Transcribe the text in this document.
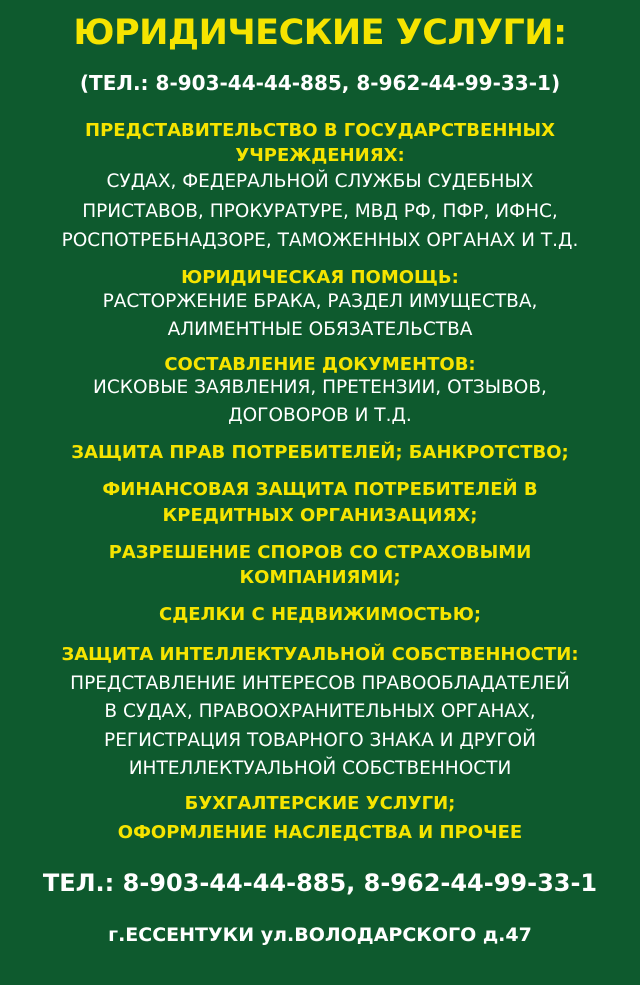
ЮРИДИЧЕСКИЕ УСЛУГИ:
(ТЕЛ.: 8-903-44-44-885, 8-962-44-99-33-1)
ПРЕДСТАВИТЕЛЬСТВО В ГОСУДАРСТВЕННЫХ
УЧРЕЖДЕНИЯХ:
СУДАХ, ФЕДЕРАЛЬНОЙ СЛУЖБЫ СУДЕБНЫХ
ПРИСТАВОВ, ПРОКУРАТУРЕ, МВД РФ, ПФР, ИФНС,
РОСПОТРЕБНАДЗОРЕ, ТАМОЖЕННЫХ ОРГАНАХ И Т.Д.
ЮРИДИЧЕСКАЯ ПОМОЩЬ:
РАСТОРЖЕНИЕ БРАКА, РАЗДЕЛ ИМУЩЕСТВА,
АЛИМЕНТНЫЕ ОБЯЗАТЕЛЬСТВА
СОСТАВЛЕНИЕ ДОКУМЕНТОВ:
ИСКОВЫЕ ЗАЯВЛЕНИЯ, ПРЕТЕНЗИИ, ОТЗЫВОВ,
ДОГОВОРОВ И Т.Д.
ЗАЩИТА ПРАВ ПОТРЕБИТЕЛЕЙ; БАНКРОТСТВО;
ФИНАНСОВАЯ ЗАЩИТА ПОТРЕБИТЕЛЕЙ В
КРЕДИТНЫХ ОРГАНИЗАЦИЯХ;
РАЗРЕШЕНИЕ СПОРОВ СО СТРАХОВЫМИ
КОМПАНИЯМИ;
СДЕЛКИ С НЕДВИЖИМОСТЬЮ;
ЗАЩИТА ИНТЕЛЛЕКТУАЛЬНОЙ СОБСТВЕННОСТИ:
ПРЕДСТАВЛЕНИЕ ИНТЕРЕСОВ ПРАВООБЛАДАТЕЛЕЙ
В СУДАХ, ПРАВООХРАНИТЕЛЬНЫХ ОРГАНАХ,
РЕГИСТРАЦИЯ ТОВАРНОГО ЗНАКА И ДРУГОЙ
ИНТЕЛЛЕКТУАЛЬНОЙ СОБСТВЕННОСТИ
БУХГАЛТЕРСКИЕ УСЛУГИ;
ОФОРМЛЕНИЕ НАСЛЕДСТВА И ПРОЧЕЕ
ТЕЛ.: 8-903-44-44-885, 8-962-44-99-33-1
г.ЕССЕНТУКИ ул.ВОЛОДАРСКОГО д.47
